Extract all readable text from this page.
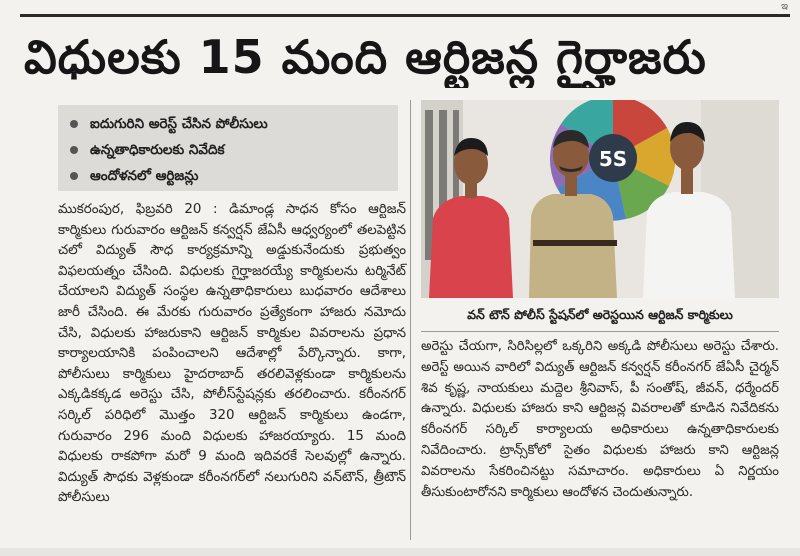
ఇ
విధులకు 15 మంది ఆర్టిజన్ల గైర్హాజరు
ఐదుగురిని అరెస్ట్ చేసిన పోలీసులు
ఉన్నతాధికారులకు నివేదిక
ఆందోళనలో ఆర్టిజన్లు

ముకరంపుర, ఫిబ్రవరి 20 : డిమాండ్ల సాధన కోసం ఆర్టిజన్ కార్మికులు గురువారం ఆర్టిజన్ కన్వర్షన్ జేఏసీ ఆధ్వర్యంలో తలపెట్టిన చలో విద్యుత్ సౌధ కార్యక్రమాన్ని అడ్డుకునేందుకు ప్రభుత్వం విఫలయత్నం చేసింది. విధులకు గైర్హాజరయ్యే కార్మికులను టర్మినేట్ చేయాలని విద్యుత్ సంస్థల ఉన్నతాధికారులు బుధవారం ఆదేశాలు జారీ చేసింది. ఈ మేరకు గురువారం ప్రత్యేకంగా హాజరు నమోదు చేసి, విధులకు హాజరుకాని ఆర్టిజన్ కార్మికుల వివరాలను ప్రధాన కార్యాలయానికి పంపించాలని ఆదేశాల్లో పేర్కొన్నారు. కాగా, పోలీసులు కార్మికులు హైదరాబాద్ తరలివెళ్లకుండా కార్మికులను ఎక్కడికక్కడ అరెస్టు చేసి, పోలీస్‌స్టేషన్లకు తరలించారు. కరీంనగర్ సర్కిల్ పరిధిలో మొత్తం 320 ఆర్టిజన్ కార్మికులు ఉండగా, గురువారం 296 మంది విధులకు హాజరయ్యారు. 15 మంది విధులకు రాకపోగా మరో 9 మంది ఇదివరకే సెలవుల్లో ఉన్నారు. విద్యుత్ సౌధకు వెళ్లకుండా కరీంనగర్‌లో నలుగురిని వన్‌టౌన్, త్రీటౌన్ పోలీసులు

5S
వన్ టౌన్ పోలీస్ స్టేషన్‌లో అరెస్టయిన ఆర్టిజన్ కార్మికులు

అరెస్టు చేయగా, సిరిసిల్లలో ఒక్కరిని అక్కడి పోలీసులు అరెస్టు చేశారు. అరెస్ట్ అయిన వారిలో విద్యుత్ ఆర్టిజన్ కన్వర్షన్ కరీంనగర్ జేఏసీ చైర్మన్ శివ కృష్ణ, నాయకులు మద్దెల శ్రీనివాస్, పీ సంతోష్, జీవన్, ధర్మేందర్ ఉన్నారు. విధులకు హాజరు కాని ఆర్టిజన్ల వివరాలతో కూడిన నివేదికను కరీంనగర్ సర్కిల్ కార్యాలయ అధికారులు ఉన్నతాధికారులకు నివేదించారు. ట్రాన్స్‌కోలో సైతం విధులకు హాజరు కాని ఆర్టిజన్ల వివరాలను సేకరించినట్టు సమాచారం. అధికారులు ఏ నిర్ణయం తీసుకుంటారోనని కార్మికులు ఆందోళన చెందుతున్నారు.
